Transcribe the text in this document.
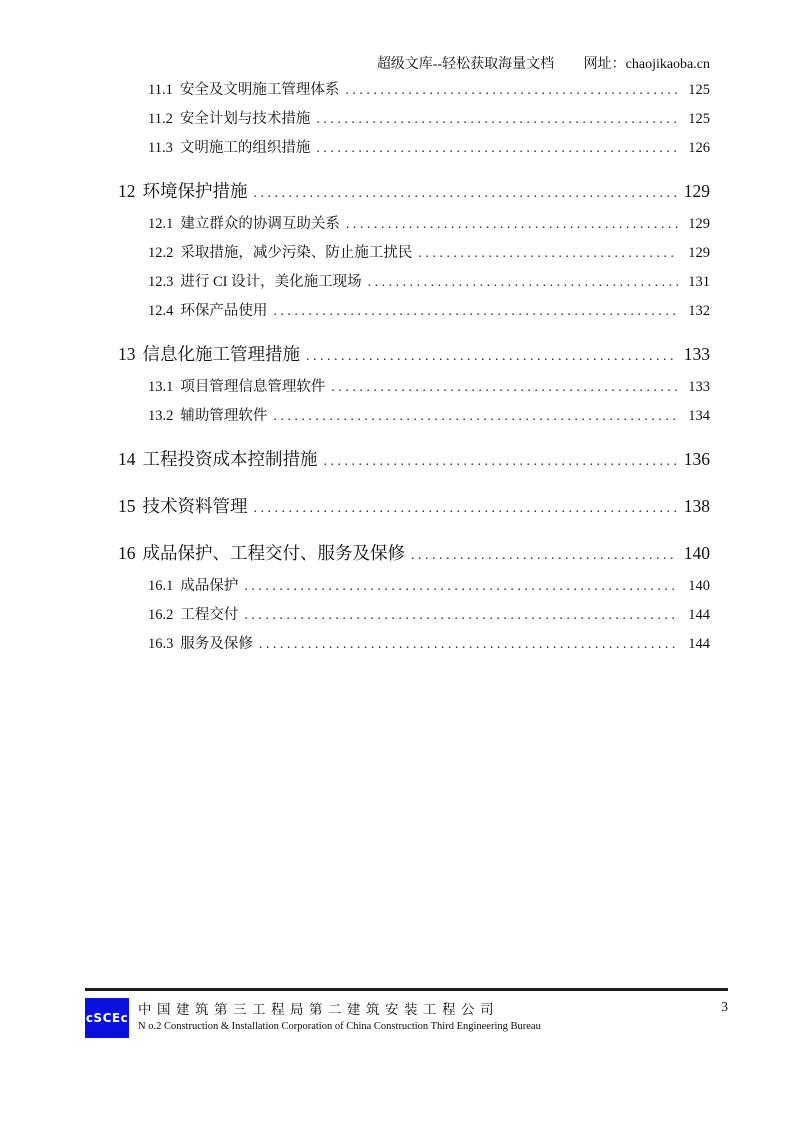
超级文库--轻松获取海量文档 网址：chaojikaoba.cn
11.1 安全及文明施工管理体系 .....	125
11.2 安全计划与技术措施 .....	125
11.3 文明施工的组织措施 .....	126
12 环境保护措施 .....	129
12.1 建立群众的协调互助关系 .....	129
12.2 采取措施，减少污染、防止施工扰民 .....	129
12.3 进行 CI 设计，美化施工现场 .....	131
12.4 环保产品使用 .....	132
13 信息化施工管理措施 .....	133
13.1 项目管理信息管理软件 .....	133
13.2 辅助管理软件 .....	134
14 工程投资成本控制措施 .....	136
15 技术资料管理 .....	138
16 成品保护、工程交付、服务及保修 .....	140
16.1 成品保护 .....	140
16.2 工程交付 .....	144
16.3 服务及保修 .....	144
cSCEc
中国建筑第三工程局第二建筑安装工程公司
N o.2 Construction & Installation Corporation of China Construction Third Engineering Bureau
3
